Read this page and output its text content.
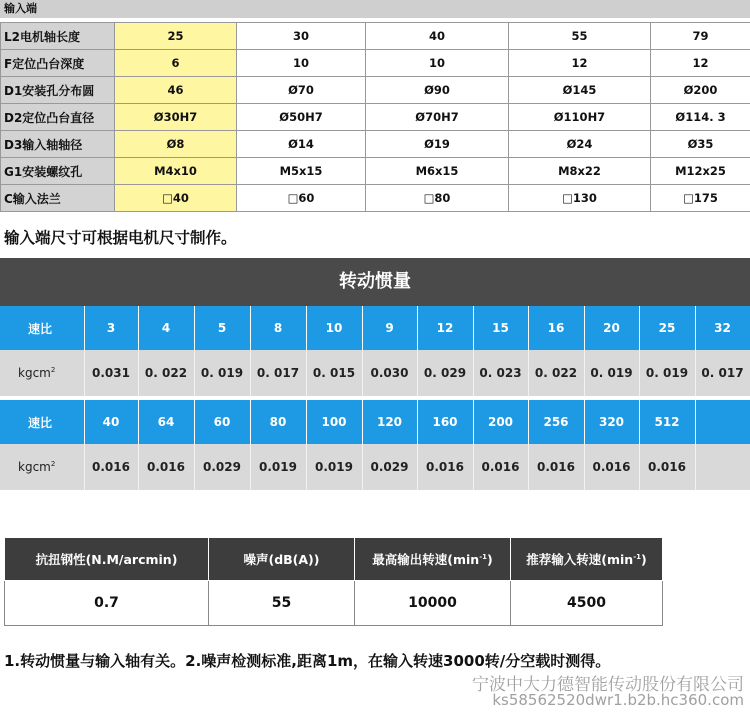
输入端
L2电机轴长度	25	30	40	55	79
F定位凸台深度	6	10	10	12	12
D1安装孔分布圆	46	Ø70	Ø90	Ø145	Ø200
D2定位凸台直径	Ø30H7	Ø50H7	Ø70H7	Ø110H7	Ø114. 3
D3输入轴轴径	Ø8	Ø14	Ø19	Ø24	Ø35
G1安装螺纹孔	M4x10	M5x15	M6x15	M8x22	M12x25
C输入法兰	□40	□60	□80	□130	□175
输入端尺寸可根据电机尺寸制作。
转动惯量
速比	3	4	5	8	10	9	12	15	16	20	25	32
kgcm$^2$	0.031	0. 022	0. 019	0. 017	0. 015	0.030	0. 029	0. 023	0. 022	0. 019	0. 019	0. 017

速比	40	64	60	80	100	120	160	200	256	320	512	
kgcm$^2$	0.016	0.016	0.029	0.019	0.019	0.029	0.016	0.016	0.016	0.016	0.016	
抗扭钢性(N.M/arcmin)	噪声(dB(A))	最高输出转速$(\min^{-1})$	推荐输入转速$(\min^{-1})$
0.7	55	10000	4500
1.转动惯量与输入轴有关。2.噪声检测标准,距离1m，在输入转速3000转/分空载时测得。
宁波中大力德智能传动股份有限公司
ks58562520dwr1.b2b.hc360.com
